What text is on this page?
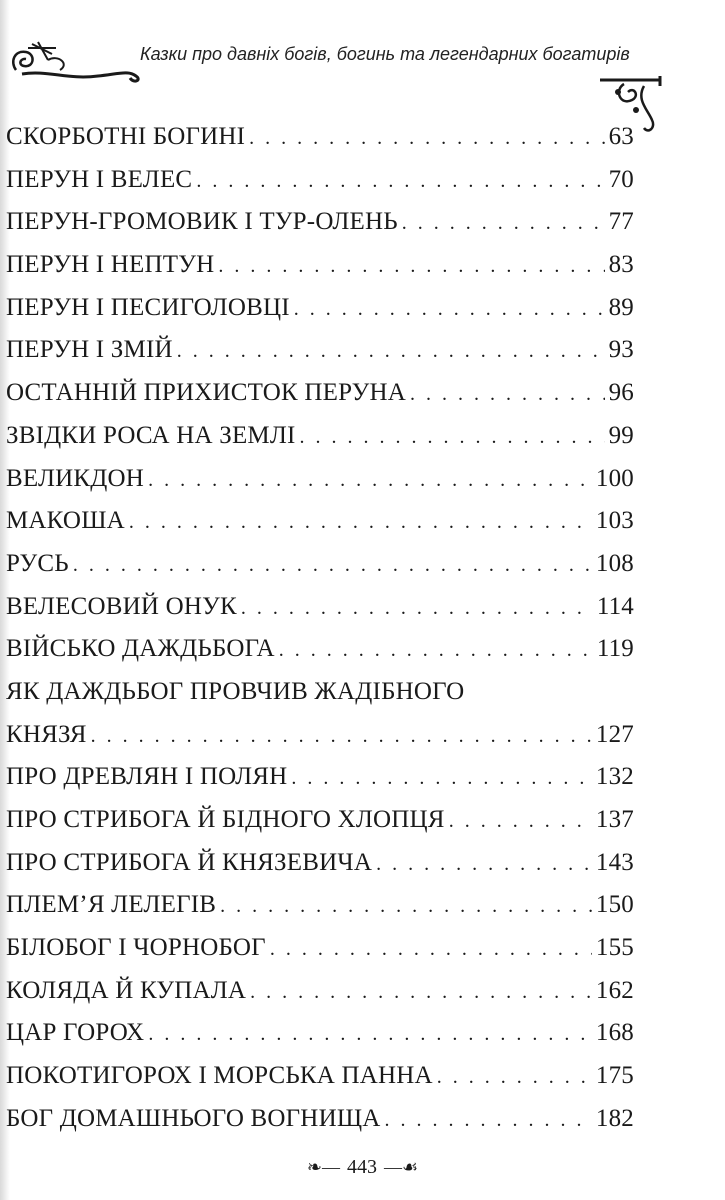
Казки про давніх богів, богинь та легендарних богатирів
СКОРБОТНІ БОГИНІ . . .	63
ПЕРУН І ВЕЛЕС . . .	70
ПЕРУН-ГРОМОВИК І ТУР-ОЛЕНЬ . . .	77
ПЕРУН І НЕПТУН . . .	83
ПЕРУН І ПЕСИГОЛОВЦІ . . .	89
ПЕРУН І ЗМІЙ . . .	93
ОСТАННІЙ ПРИХИСТОК ПЕРУНА . . .	96
ЗВІДКИ РОСА НА ЗЕМЛІ . . .	99
ВЕЛИКДОН . . .	100
МАКОША . . .	103
РУСЬ . . .	108
ВЕЛЕСОВИЙ ОНУК . . .	114
ВІЙСЬКО ДАЖДЬБОГА . . .	119
ЯК ДАЖДЬБОГ ПРОВЧИВ ЖАДІБНОГО
КНЯЗЯ . . .	127
ПРО ДРЕВЛЯН І ПОЛЯН . . .	132
ПРО СТРИБОГА Й БІДНОГО ХЛОПЦЯ . . .	137
ПРО СТРИБОГА Й КНЯЗЕВИЧА . . .	143
ПЛЕМ’Я ЛЕЛЕГІВ . . .	150
БІЛОБОГ І ЧОРНОБОГ . . .	155
КОЛЯДА Й КУПАЛА . . .	162
ЦАР ГОРОХ . . .	168
ПОКОТИГОРОХ І МОРСЬКА ПАННА . . .	175
БОГ ДОМАШНЬОГО ВОГНИЩА . . .	182
❧— 443 —☙
